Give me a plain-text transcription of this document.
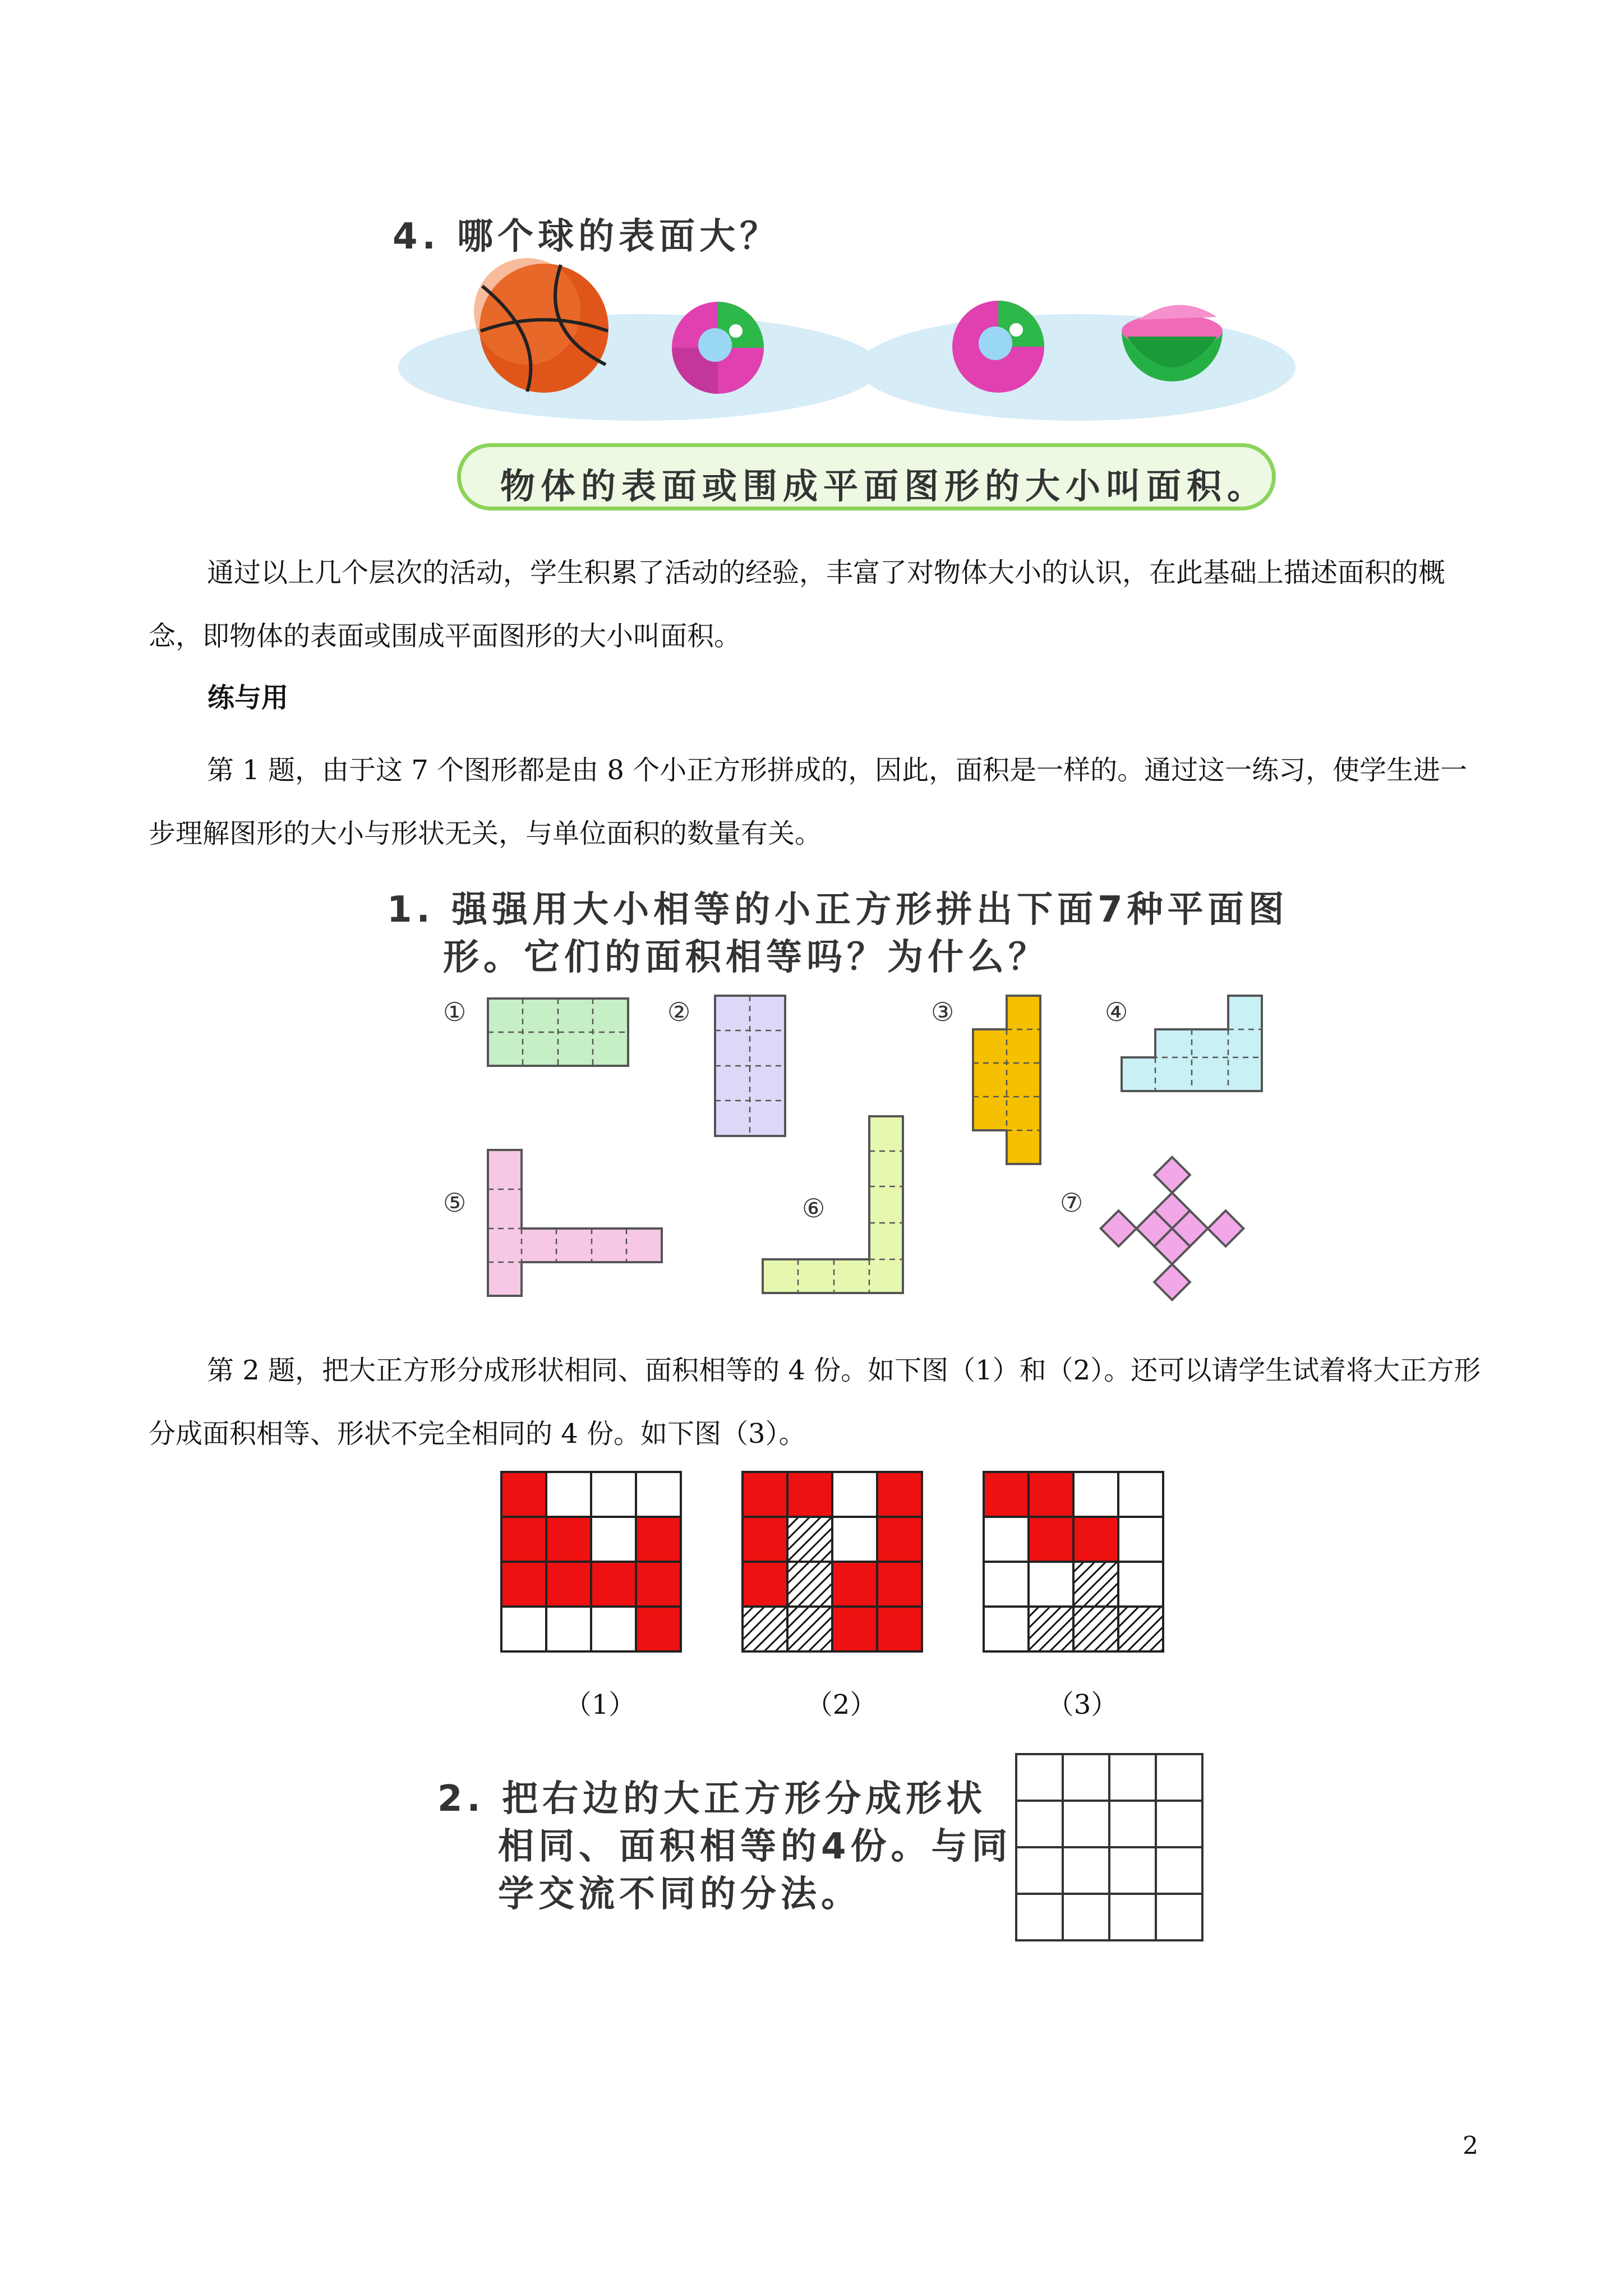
4. 哪个球的表面大？
物体的表面或围成平面图形的大小叫面积。
通过以上几个层次的活动，学生积累了活动的经验，丰富了对物体大小的认识，在此基础上描述面积的概念，即物体的表面或围成平面图形的大小叫面积。
练与用
第 1 题，由于这 7 个图形都是由 8 个小正方形拼成的，因此，面积是一样的。通过这一练习，使学生进一步理解图形的大小与形状无关，与单位面积的数量有关。
1. 强强用大小相等的小正方形拼出下面7种平面图
形。它们的面积相等吗？为什么？
①	②	③	④
⑤	⑥	⑦
第 2 题，把大正方形分成形状相同、面积相等的 4 份。如下图（1）和（2）。还可以请学生试着将大正方形分成面积相等、形状不完全相同的 4 份。如下图（3）。
（1）	（2）	（3）
2. 把右边的大正方形分成形状
相同、面积相等的4份。与同
学交流不同的分法。
2
